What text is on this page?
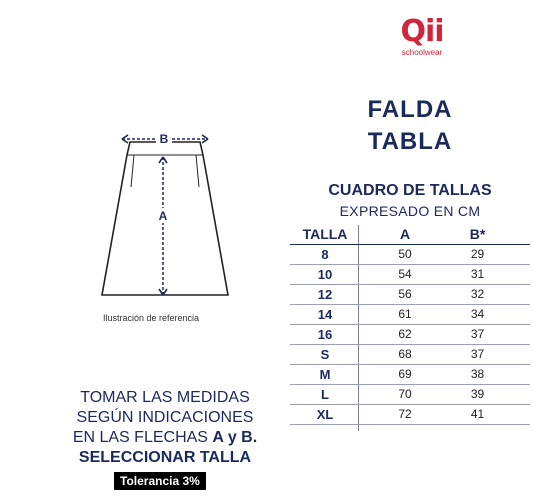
Qii
schoolwear
FALDA
TABLA
B
A
Ilustración de referencia
CUADRO DE TALLAS
EXPRESADO EN CM
TALLA	A	B*
8	50	29
10	54	31
12	56	32
14	61	34
16	62	37
S	68	37
M	69	38
L	70	39
XL	72	41
TOMAR LAS MEDIDAS
SEGÚN INDICACIONES
EN LAS FLECHAS A y B.
SELECCIONAR TALLA
Tolerancia 3%
